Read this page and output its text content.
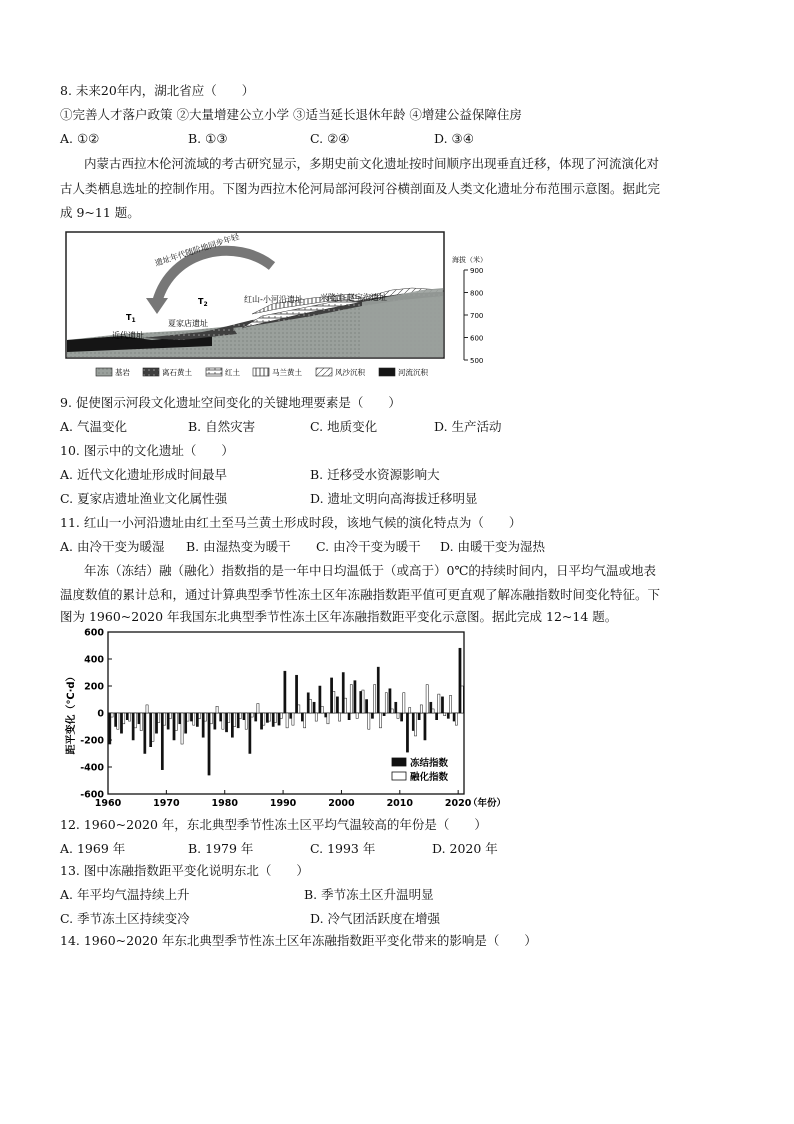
8. 未来20年内，湖北省应（　　）
①完善人才落户政策 ②大量增建公立小学 ③适当延长退休年龄 ④增建公益保障住房
A. ①②	B. ①③	C. ②④	D. ③④
内蒙古西拉木伦河流域的考古研究显示，多期史前文化遗址按时间顺序出现垂直迁移，体现了河流演化对
古人类栖息选址的控制作用。下图为西拉木伦河局部河段河谷横剖面及人类文化遗址分布范围示意图。据此完
成 9~11 题。
遗址年代随阶地同步年轻
$T_1$
$T_2$
红山-小河沿遗址 兴隆洼-赵宝沟遗址
夏家店遗址
近代遗址
海拔（米）
900
800
700
600
500
基岩	离石黄土	红土	马兰黄土	风沙沉积	河流沉积
9. 促使图示河段文化遗址空间变化的关键地理要素是（　　）
A. 气温变化	B. 自然灾害	C. 地质变化	D. 生产活动
10. 图示中的文化遗址（　　）
A. 近代文化遗址形成时间最早	B. 迁移受水资源影响大
C. 夏家店遗址渔业文化属性强	D. 遗址文明向高海拔迁移明显
11. 红山一小河沿遗址由红土至马兰黄土形成时段，该地气候的演化特点为（　　）
A. 由冷干变为暖湿 B. 由湿热变为暖干 C. 由冷干变为暖干 D. 由暖干变为湿热
年冻（冻结）融（融化）指数指的是一年中日均温低于（或高于）0℃的持续时间内，日平均气温或地表
温度数值的累计总和，通过计算典型季节性冻土区年冻融指数距平值可更直观了解冻融指数时间变化特征。下
图为 1960~2020 年我国东北典型季节性冻土区年冻融指数距平变化示意图。据此完成 12~14 题。
600
400
200
0
-200
-400
-600
1960	1970	1980	1990	2000	2010	2020
（年份）
距平变化（℃·d）
冻结指数
融化指数
12. 1960~2020 年，东北典型季节性冻土区平均气温较高的年份是（　　）
A. 1969 年	B. 1979 年	C. 1993 年	D. 2020 年
13. 图中冻融指数距平变化说明东北（　　）
A. 年平均气温持续上升	B. 季节冻土区升温明显
C. 季节冻土区持续变冷	D. 冷气团活跃度在增强
14. 1960~2020 年东北典型季节性冻土区年冻融指数距平变化带来的影响是（　　）
